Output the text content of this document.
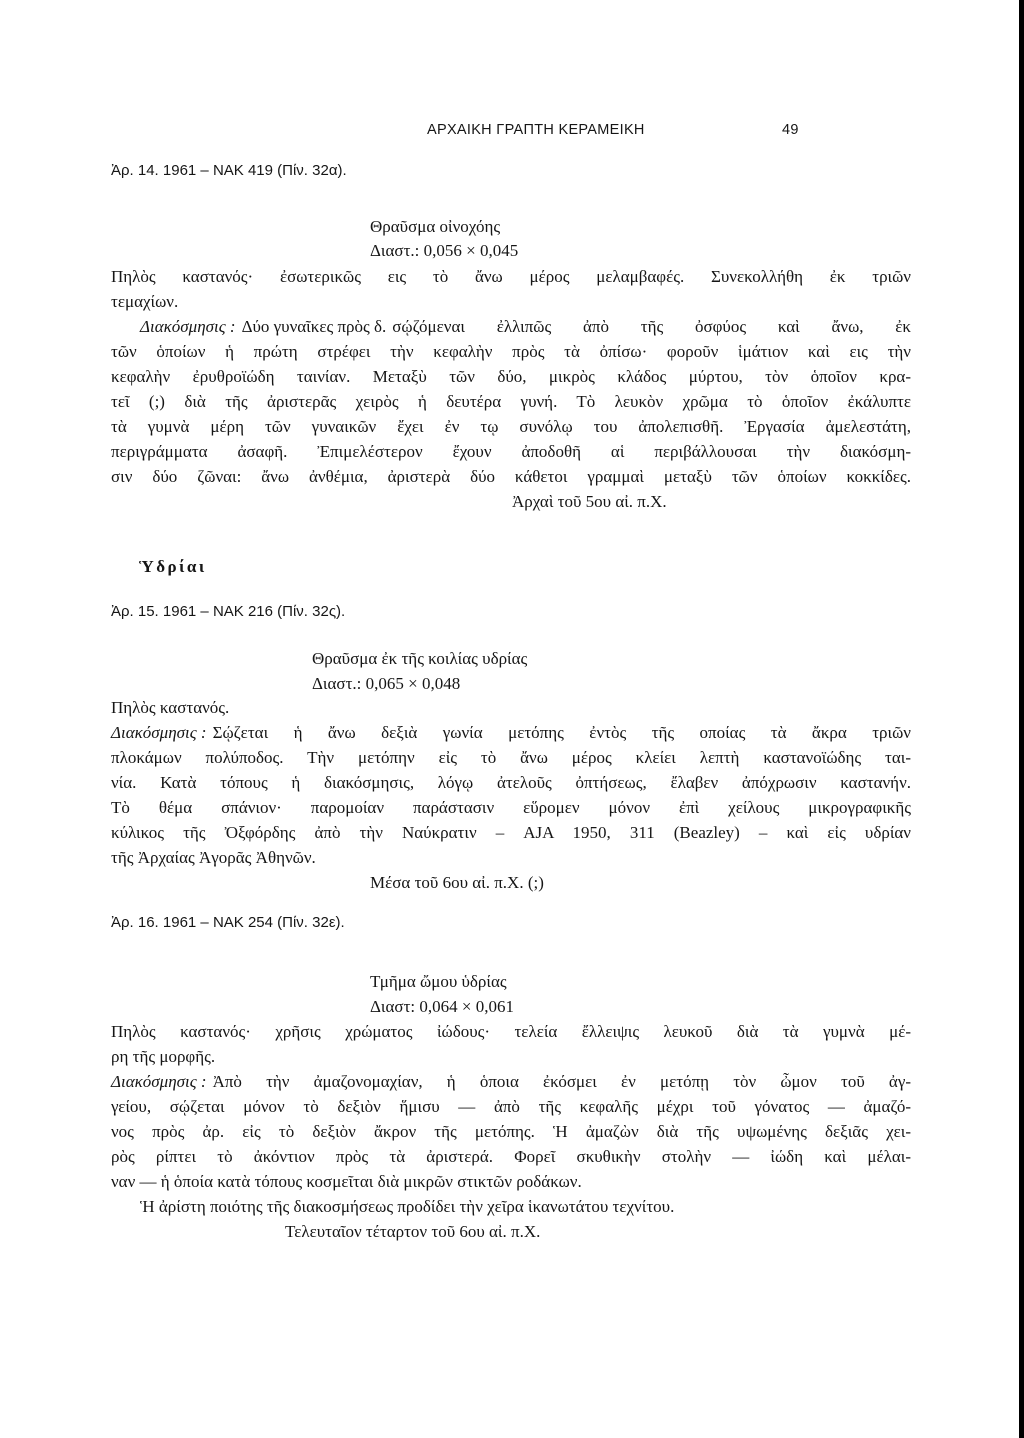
ΑΡΧΑΙΚΗ ΓΡΑΠΤΗ ΚΕΡΑΜΕΙΚΗ	49
Ἀρ. 14. 1961 – ΝΑΚ 419 (Πίν. 32α).
Θραῦσμα οἰνοχόης
Διαστ.: 0,056 × 0,045
Πηλὸς καστανός· ἐσωτερικῶς εις τὸ ἄνω μέρος μελαμβαφές. Συνεκολλήθη ἐκ τριῶν
τεμαχίων.
Διακόσμησις : Δύο γυναῖκες πρὸς δ. σῴζόμεναι ἐλλιπῶς ἀπὸ τῆς ὀσφύος καὶ ἄνω, ἐκ
τῶν ὁποίων ἡ πρώτη στρέφει τὴν κεφαλὴν πρὸς τὰ ὀπίσω· φοροῦν ἱμάτιον καὶ εις τὴν
κεφαλὴν ἐρυθροϊώδη ταινίαν. Μεταξὺ τῶν δύο, μικρὸς κλάδος μύρτου, τὸν ὁποῖον κρα-
τεῖ (;) διὰ τῆς ἀριστερᾶς χειρὸς ἡ δευτέρα γυνή. Τὸ λευκὸν χρῶμα τὸ ὁποῖον ἐκάλυπτε
τὰ γυμνὰ μέρη τῶν γυναικῶν ἔχει ἐν τῳ συνόλῳ του ἀπολεπισθῆ. Ἐργασία ἀμελεστάτη,
περιγράμματα ἀσαφῆ. Ἐπιμελέστερον ἔχουν ἀποδοθῆ αἱ περιβάλλουσαι τὴν διακόσμη-
σιν δύο ζῶναι: ἄνω ἀνθέμια, ἀριστερὰ δύο κάθετοι γραμμαὶ μεταξὺ τῶν ὁποίων κοκκίδες.
Ἀρχαὶ τοῦ 5ου αἰ. π.Χ.
Ὑδρίαι
Ἀρ. 15. 1961 – ΝΑΚ 216 (Πίν. 32ς).
Θραῦσμα ἐκ τῆς κοιλίας υδρίας
Διαστ.: 0,065 × 0,048
Πηλὸς καστανός.
Διακόσμησις : Σῴζεται ἡ ἄνω δεξιὰ γωνία μετόπης ἐντὸς τῆς οποίας τὰ ἄκρα τριῶν
πλοκάμων πολύποδος. Τὴν μετόπην εἰς τὸ ἄνω μέρος κλείει λεπτὴ καστανοϊώδης ται-
νία. Κατὰ τόπους ἡ διακόσμησις, λόγῳ ἀτελοῦς ὀπτήσεως, ἔλαβεν ἀπόχρωσιν καστανήν.
Τὸ θέμα σπάνιον· παρομοίαν παράστασιν εὕρομεν μόνον ἐπὶ χείλους μικρογραφικῆς
κύλικος τῆς Ὀξφόρδης ἀπὸ τὴν Ναύκρατιν – AJA 1950, 311 (Beazley) – καὶ εἰς υδρίαν
τῆς Ἀρχαίας Ἀγορᾶς Ἀθηνῶν.
Μέσα τοῦ 6ου αἰ. π.Χ. (;)
Ἀρ. 16. 1961 – ΝΑΚ 254 (Πίν. 32ε).
Τμῆμα ὤμου ὑδρίας
Διαστ: 0,064 × 0,061
Πηλὸς καστανός· χρῆσις χρώματος ἰώδους· τελεία ἔλλειψις λευκοῦ διὰ τὰ γυμνὰ μέ-
ρη τῆς μορφῆς.
Διακόσμησις : Ἀπὸ τὴν ἀμαζονομαχίαν, ἡ ὁποια ἐκόσμει ἐν μετόπῃ τὸν ὦμον τοῦ ἀγ-
γείου, σῴζεται μόνον τὸ δεξιὸν ἥμισυ — ἀπὸ τῆς κεφαλῆς μέχρι τοῦ γόνατος — ἀμαζό-
νος πρὸς ἀρ. εἰς τὸ δεξιὸν ἄκρον τῆς μετόπης. Ἡ ἀμαζὼν διὰ τῆς υψωμένης δεξιᾶς χει-
ρὸς ρίπτει τὸ ἀκόντιον πρὸς τὰ ἀριστερά. Φορεῖ σκυθικὴν στολὴν — ἰώδη καὶ μέλαι-
ναν — ἡ ὁποία κατὰ τόπους κοσμεῖται διὰ μικρῶν στικτῶν ροδάκων.
Ἡ ἀρίστη ποιότης τῆς διακοσμήσεως προδίδει τὴν χεῖρα ἱκανωτάτου τεχνίτου.
Τελευταῖον τέταρτον τοῦ 6ου αἰ. π.Χ.
